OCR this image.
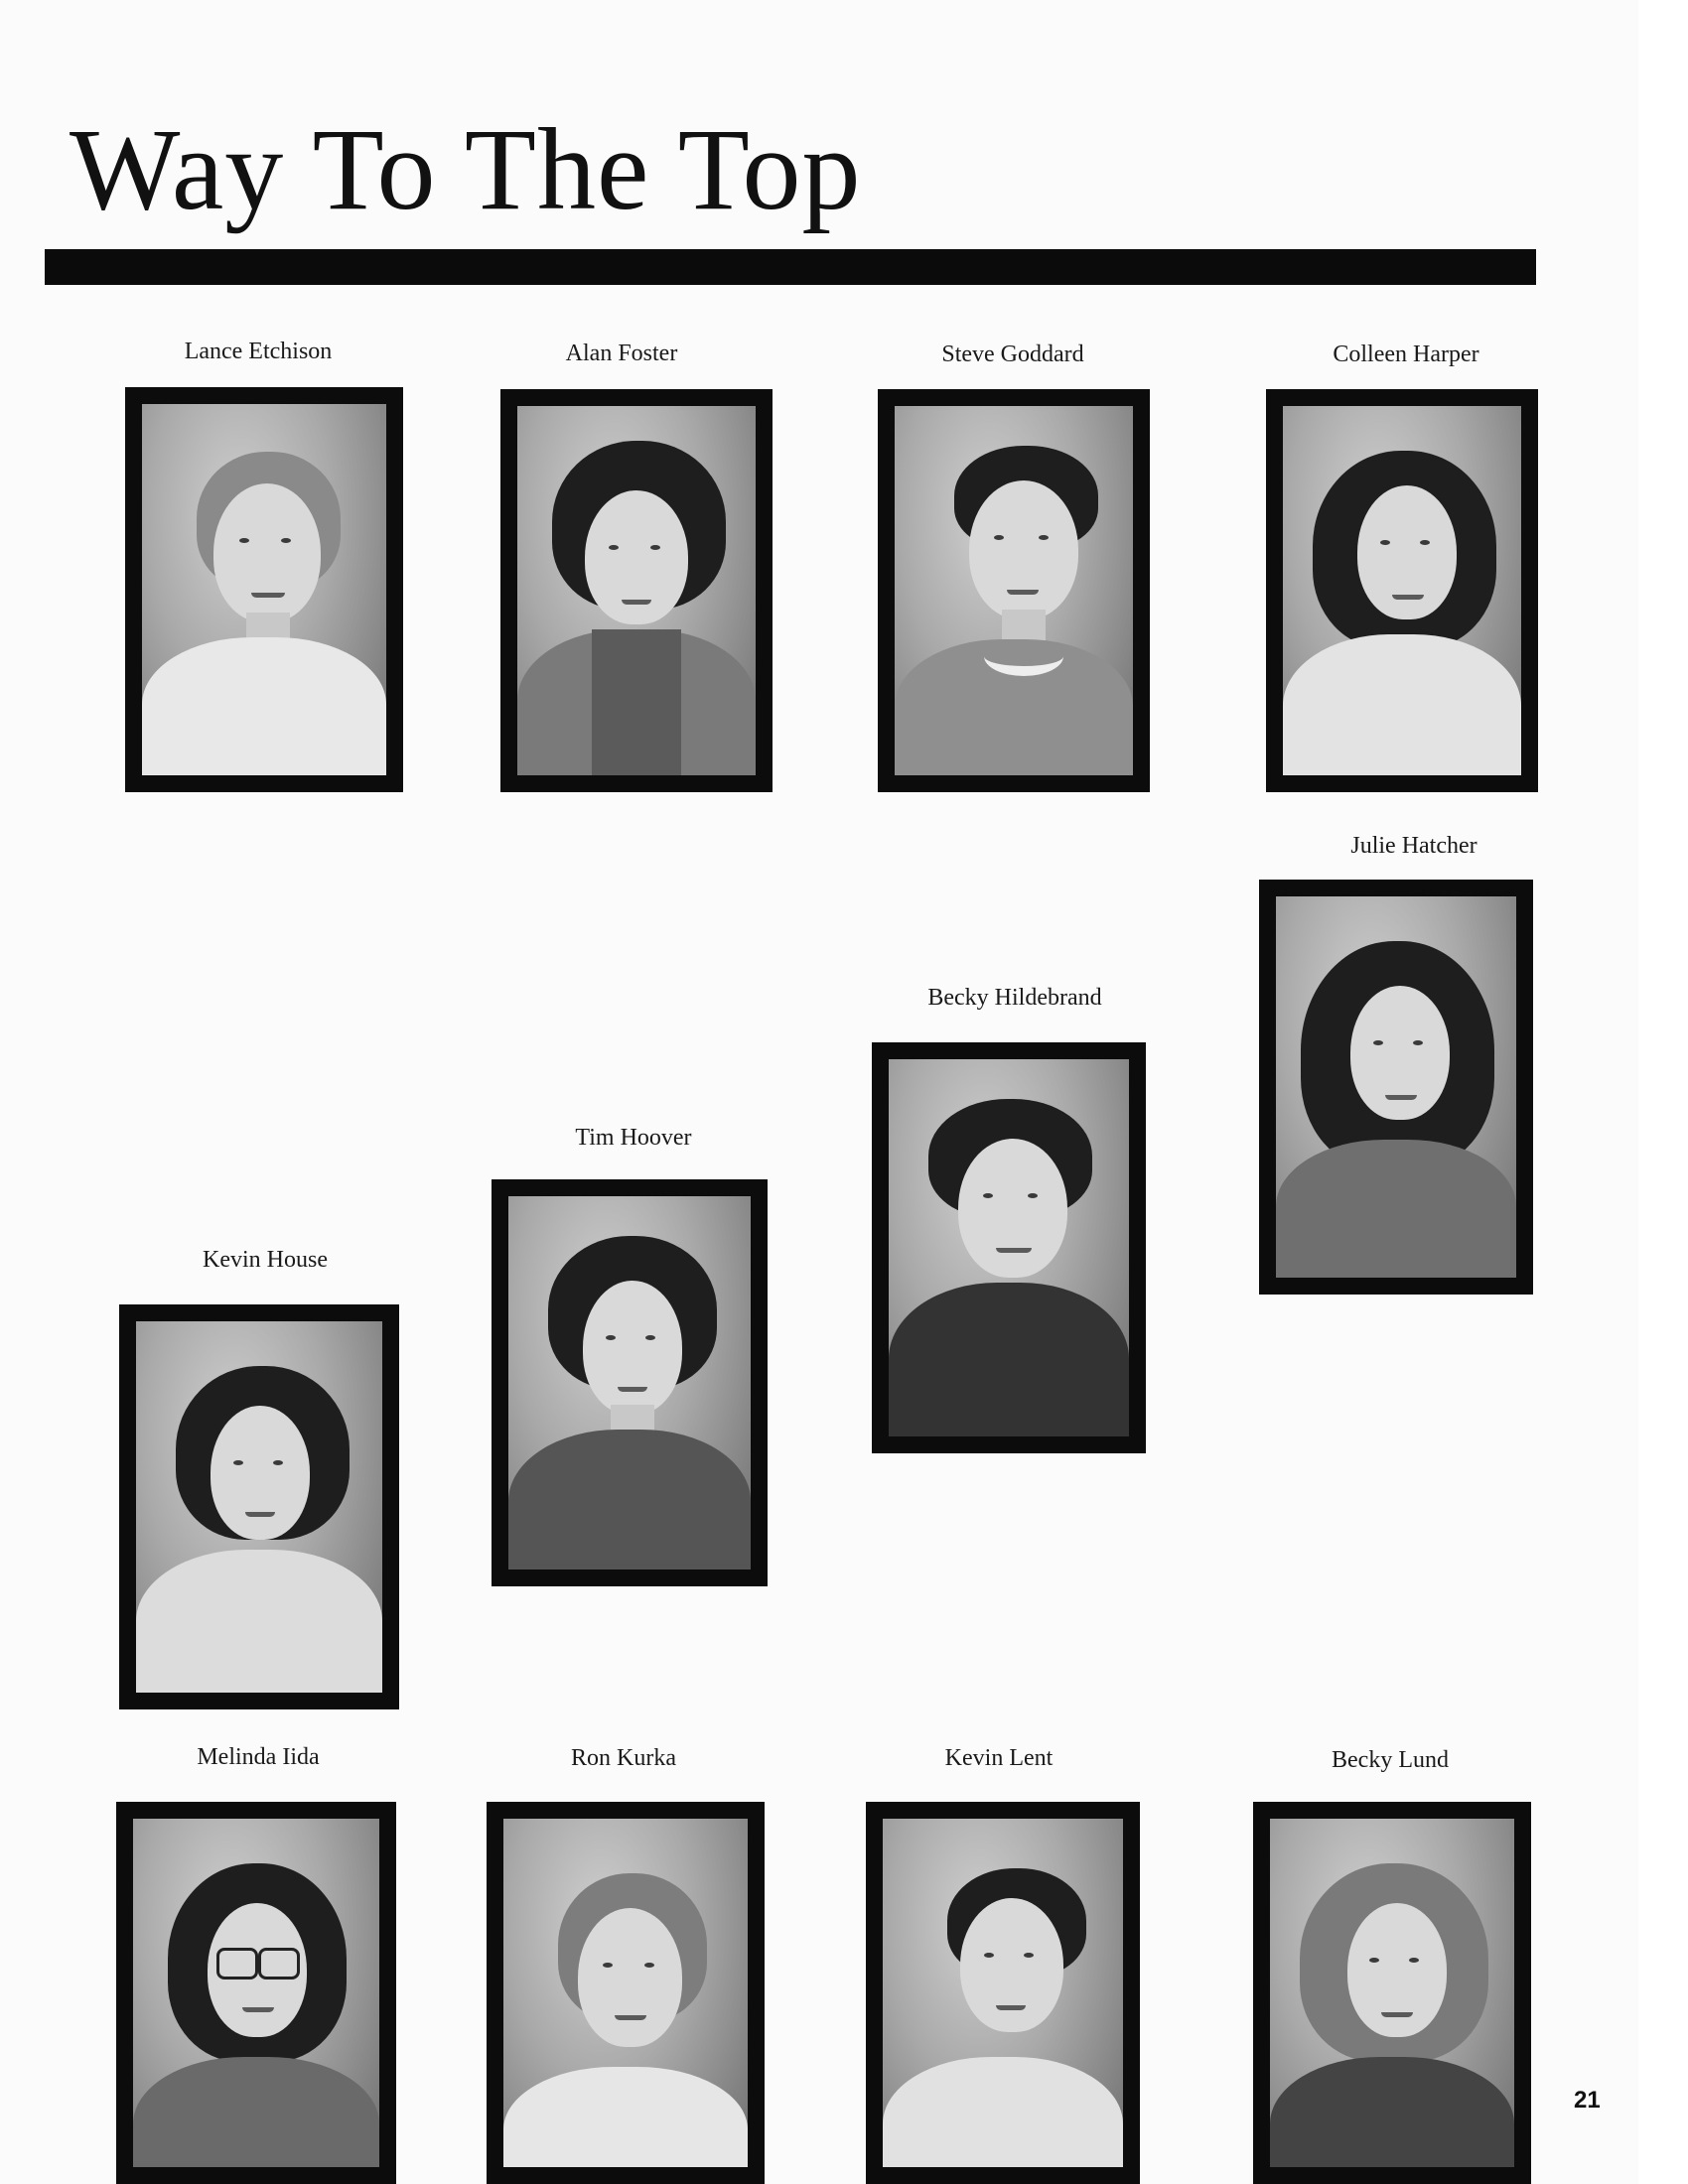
Way To The Top
Lance Etchison	Alan Foster	Steve Goddard	Colleen Harper
Julie Hatcher
Becky Hildebrand
Tim Hoover
Kevin House
Melinda Iida	Ron Kurka	Kevin Lent	Becky Lund
21
